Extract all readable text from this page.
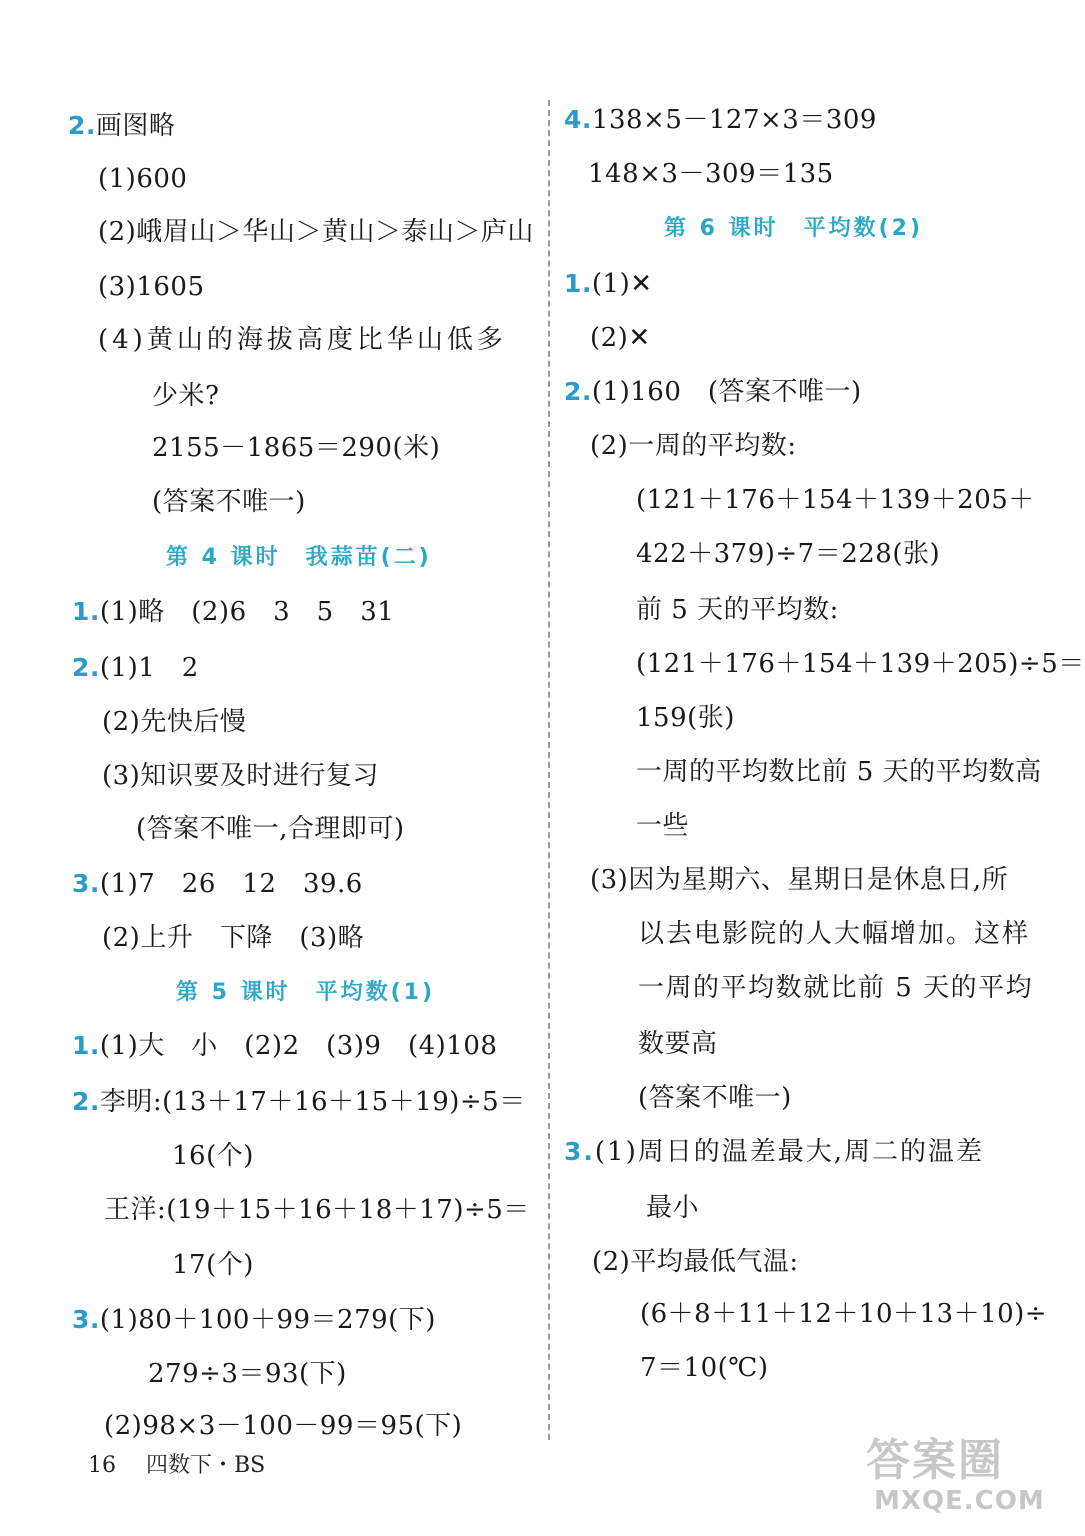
2.画图略
(1)600
(2)峨眉山＞华山＞黄山＞泰山＞庐山
(3)1605
(4)黄山的海拔高度比华山低多
少米?
2155－1865＝290(米)
(答案不唯一)
第 4 课时　我蒜苗(二)
1.(1)略　(2)6　3　5　31
2.(1)1　2
(2)先快后慢
(3)知识要及时进行复习
(答案不唯一,合理即可)
3.(1)7　26　12　39.6
(2)上升　下降　(3)略
第 5 课时　平均数(1)
1.(1)大　小　(2)2　(3)9　(4)108
2.李明:(13＋17＋16＋15＋19)÷5＝
16(个)
王洋:(19＋15＋16＋18＋17)÷5＝
17(个)
3.(1)80＋100＋99＝279(下)
279÷3＝93(下)
(2)98×3－100－99＝95(下)
4.138×5－127×3＝309
148×3－309＝135
第 6 课时　平均数(2)
1.(1)✕
(2)✕
2.(1)160　(答案不唯一)
(2)一周的平均数:
(121＋176＋154＋139＋205＋
422＋379)÷7＝228(张)
前 5 天的平均数:
(121＋176＋154＋139＋205)÷5＝
159(张)
一周的平均数比前 5 天的平均数高
一些
(3)因为星期六、星期日是休息日,所
以去电影院的人大幅增加。这样
一周的平均数就比前 5 天的平均
数要高
(答案不唯一)
3.(1)周日的温差最大,周二的温差
最小
(2)平均最低气温:
(6＋8＋11＋12＋10＋13＋10)÷
7＝10(℃)
16 四数下・BS	答案圈
MXQE.COM
